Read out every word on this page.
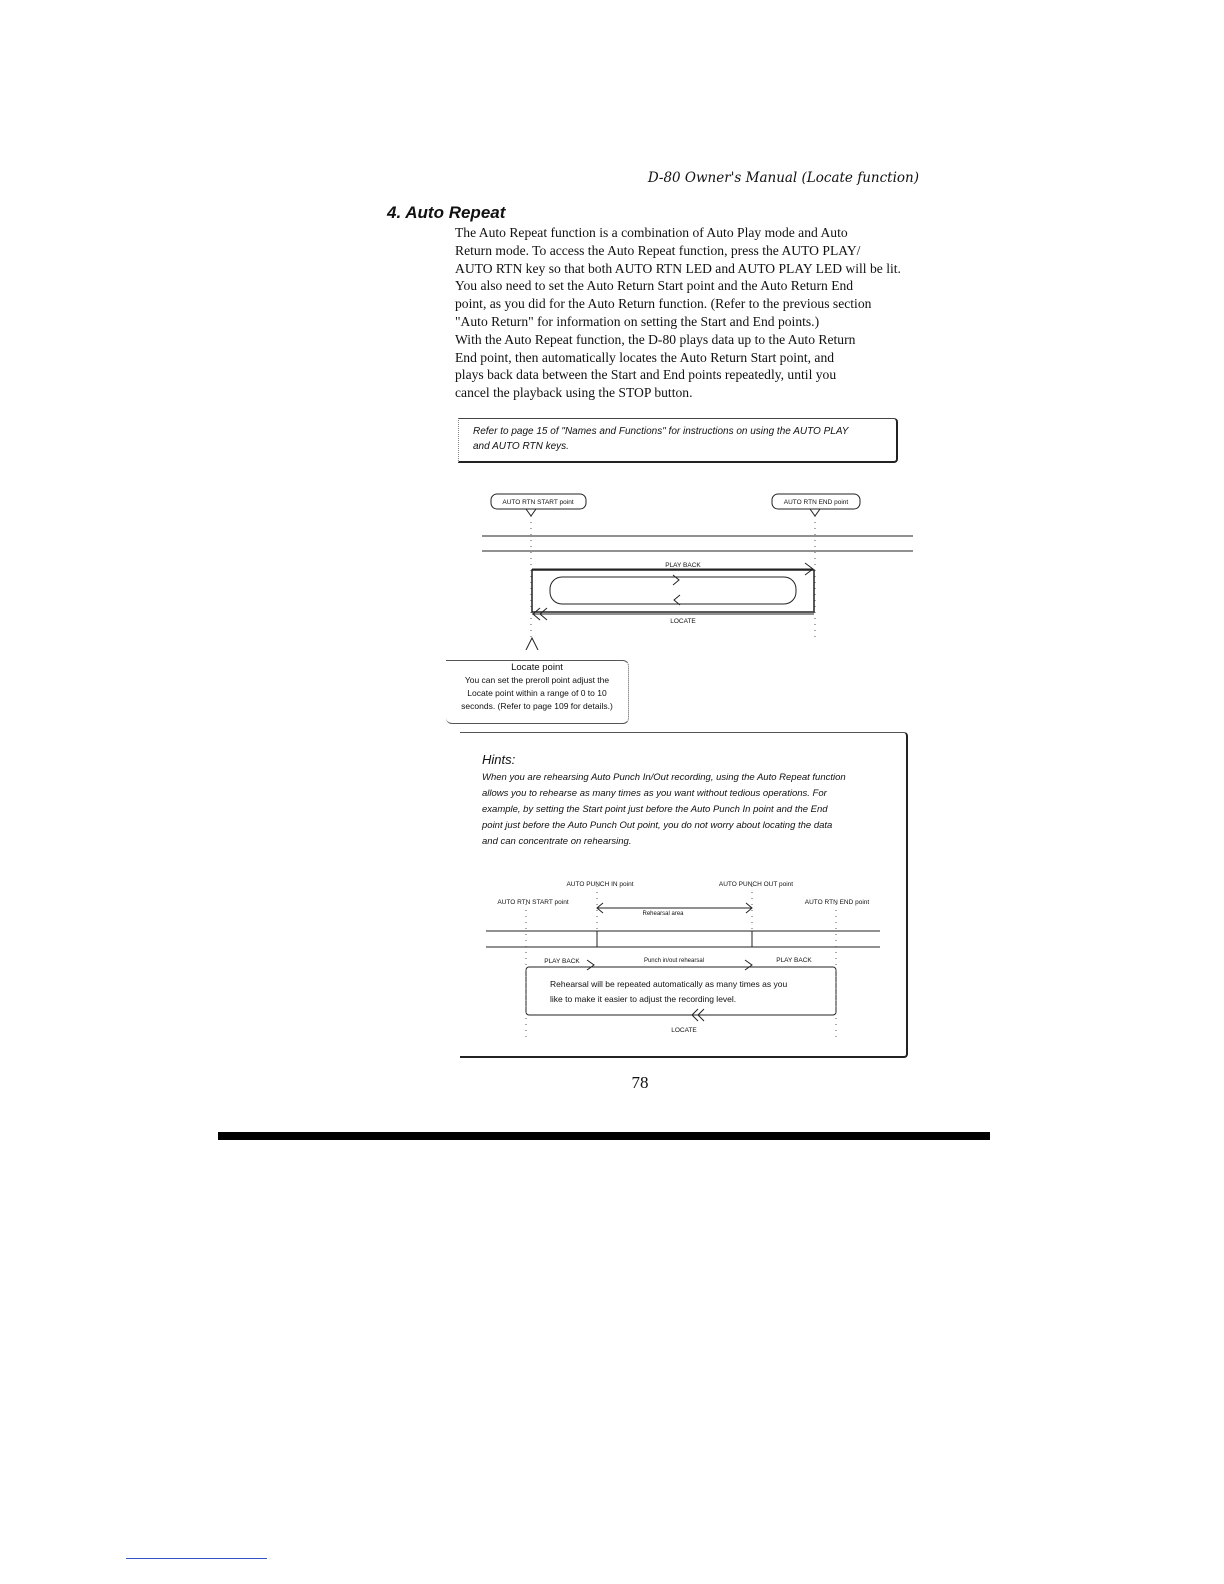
D-80 Owner's Manual (Locate function)
4. Auto Repeat
The Auto Repeat function is a combination of Auto Play mode and Auto
Return mode. To access the Auto Repeat function, press the AUTO PLAY/
AUTO RTN key so that both AUTO RTN LED and AUTO PLAY LED will be lit.
You also need to set the Auto Return Start point and the Auto Return End
point, as you did for the Auto Return function. (Refer to the previous section
"Auto Return" for information on setting the Start and End points.)
With the Auto Repeat function, the D-80 plays data up to the Auto Return
End point, then automatically locates the Auto Return Start point, and
plays back data between the Start and End points repeatedly, until you
cancel the playback using the STOP button.
Refer to page 15 of "Names and Functions" for instructions on using the AUTO PLAY
and AUTO RTN keys.
AUTO RTN START point	AUTO RTN END point
PLAY BACK
LOCATE
Locate point
You can set the preroll point adjust the
Locate point within a range of 0 to 10
seconds. (Refer to page 109 for details.)
Hints:
When you are rehearsing Auto Punch In/Out recording, using the Auto Repeat function
allows you to rehearse as many times as you want without tedious operations. For
example, by setting the Start point just before the Auto Punch In point and the End
point just before the Auto Punch Out point, you do not worry about locating the data
and can concentrate on rehearsing.
AUTO PUNCH IN point	AUTO PUNCH OUT point
AUTO RTN START point	AUTO RTN END point
Rehearsal area
PLAY BACK	Punch in/out rehearsal	PLAY BACK
Rehearsal will be repeated automatically as many times as you
like to make it easier to adjust the recording level.
LOCATE
78
